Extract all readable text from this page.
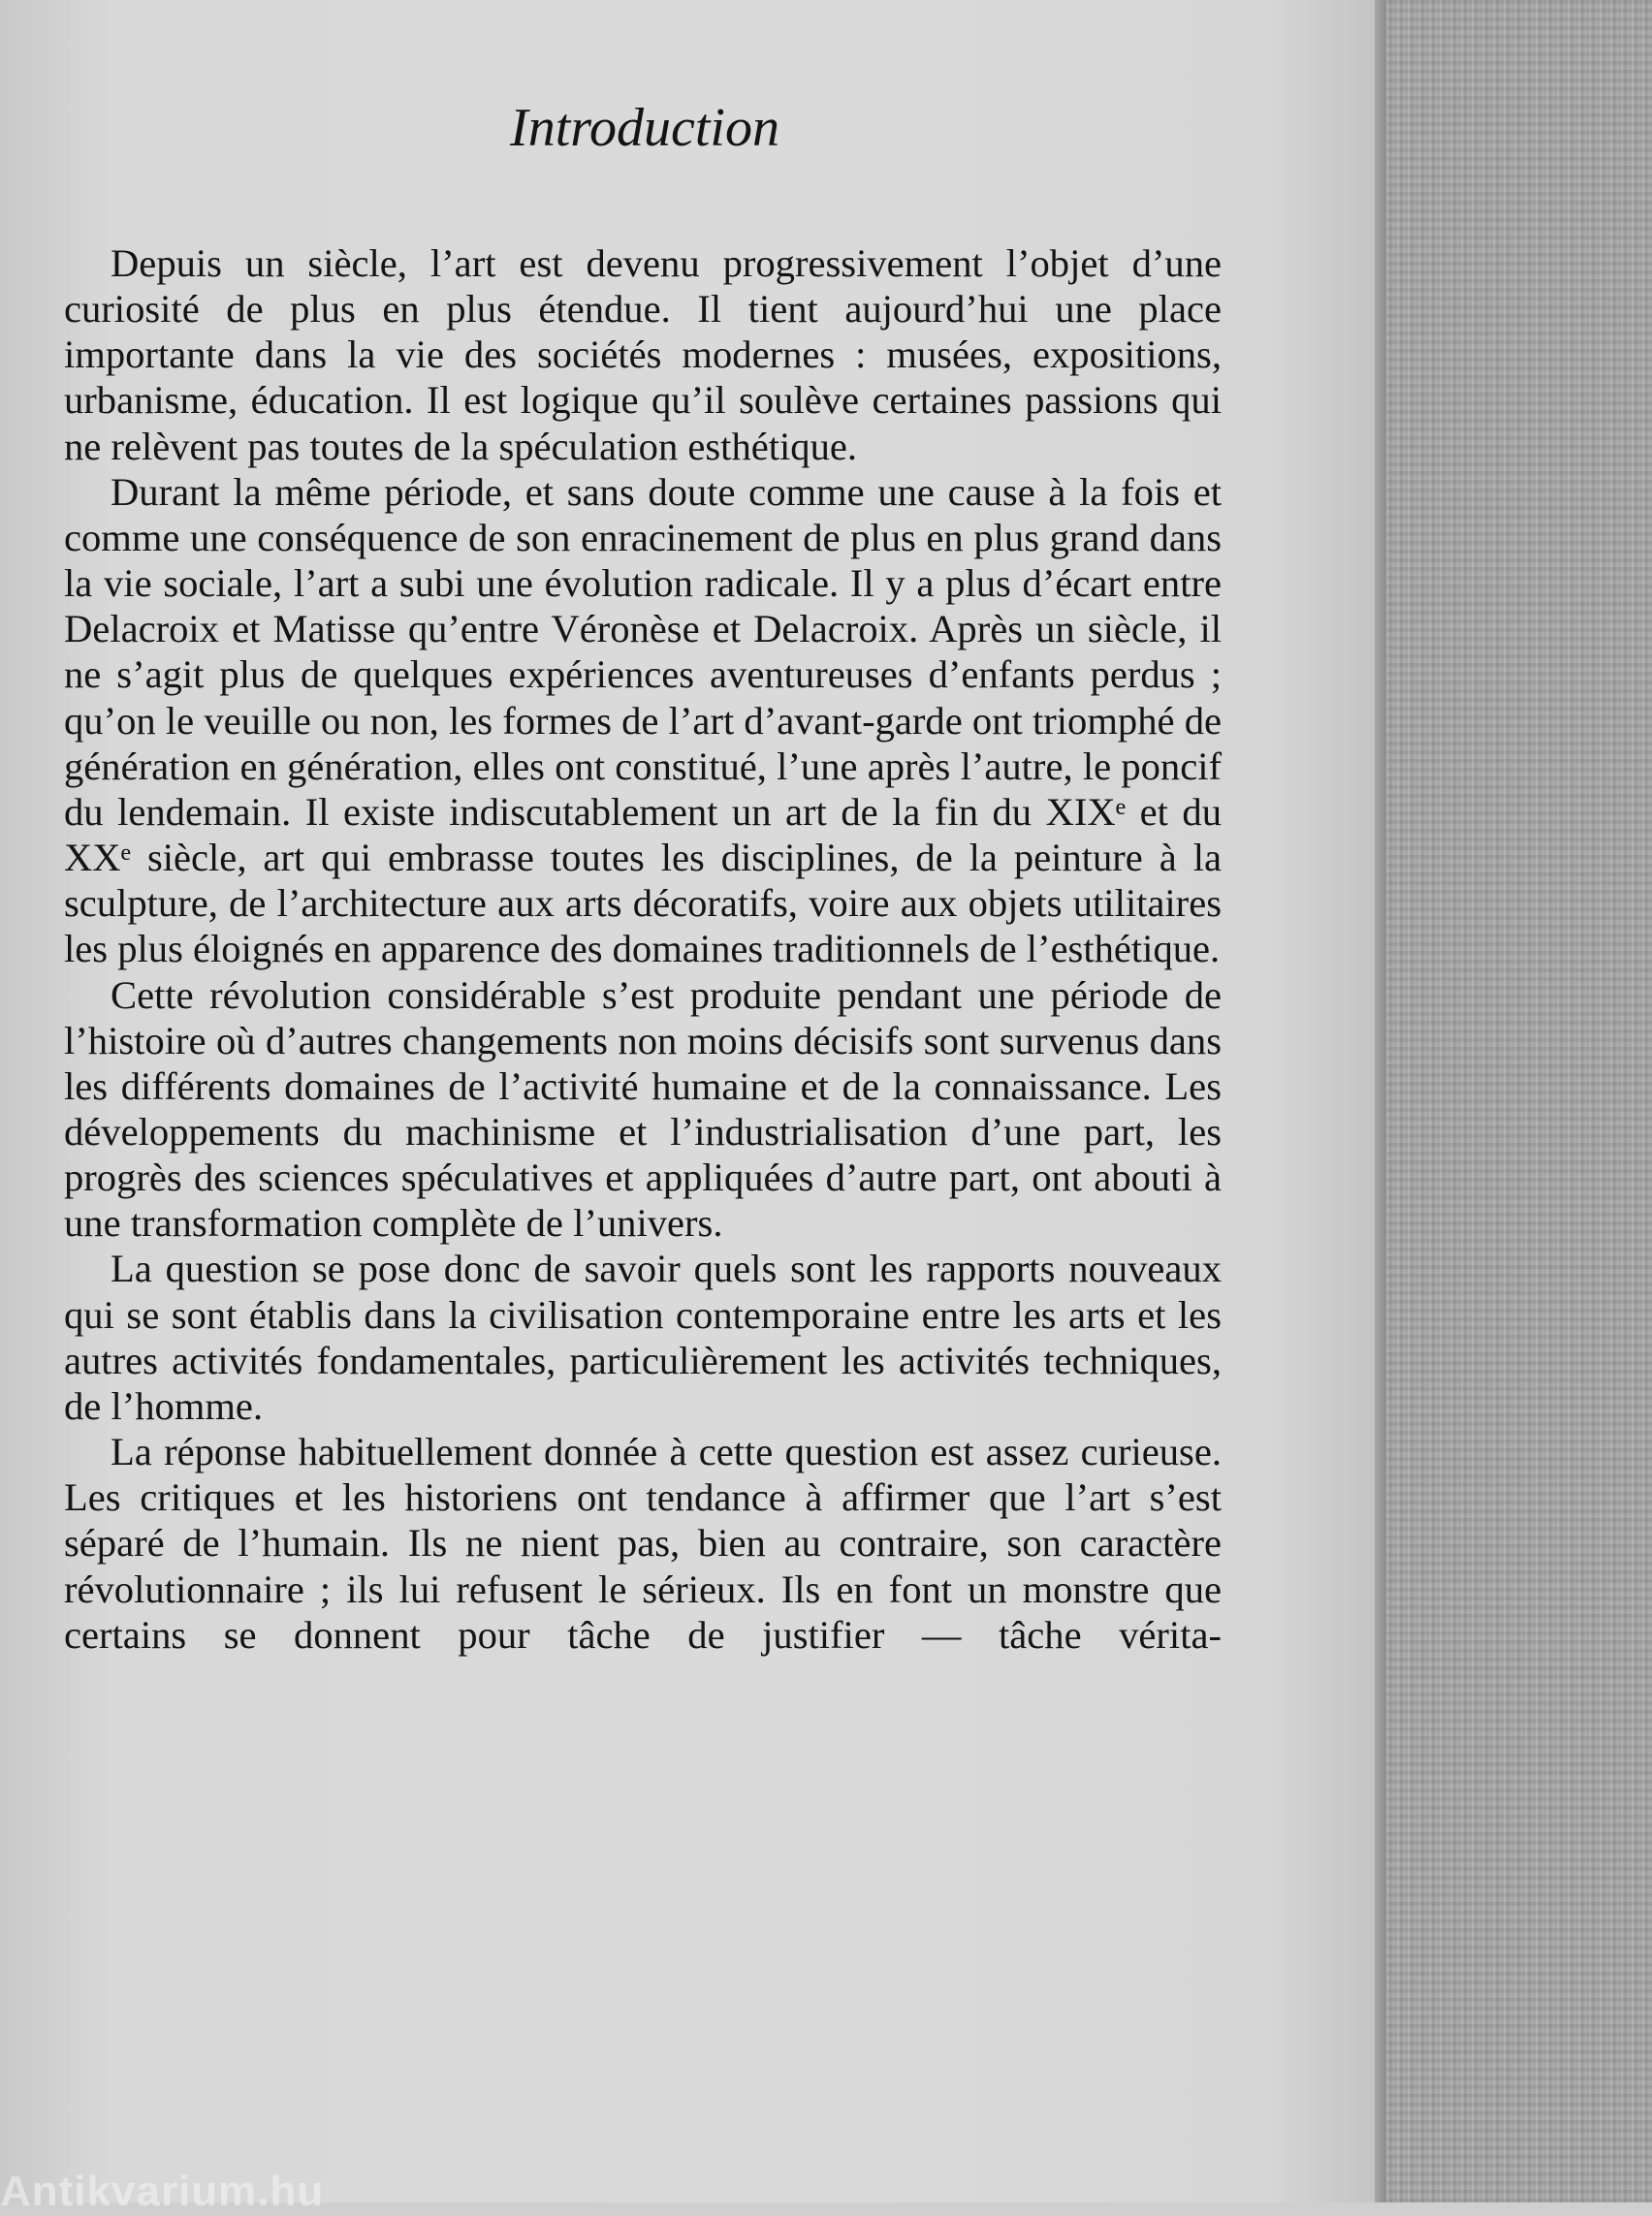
Introduction

Depuis un siècle, l’art est devenu progressivement l’objet d’une curiosité de plus en plus étendue. Il tient aujourd’hui une place importante dans la vie des sociétés modernes : musées, expositions, urbanisme, éducation. Il est logique qu’il soulève certaines passions qui ne relèvent pas toutes de la spéculation esthétique.

Durant la même période, et sans doute comme une cause à la fois et comme une conséquence de son enracinement de plus en plus grand dans la vie sociale, l’art a subi une évolution radicale. Il y a plus d’écart entre Delacroix et Matisse qu’entre Véronèse et Delacroix. Après un siècle, il ne s’agit plus de quelques expériences aventureuses d’enfants perdus ; qu’on le veuille ou non, les formes de l’art d’avant-garde ont triomphé de génération en génération, elles ont constitué, l’une après l’autre, le poncif du lendemain. Il existe indiscutablement un art de la fin du XIXᵉ et du XXᵉ siècle, art qui embrasse toutes les disciplines, de la peinture à la sculpture, de l’architecture aux arts décoratifs, voire aux objets utilitaires les plus éloignés en apparence des domaines traditionnels de l’esthétique.

Cette révolution considérable s’est produite pendant une période de l’histoire où d’autres changements non moins décisifs sont survenus dans les différents domaines de l’activité humaine et de la connaissance. Les développements du machinisme et l’industrialisation d’une part, les progrès des sciences spéculatives et appliquées d’autre part, ont abouti à une transformation complète de l’univers.

La question se pose donc de savoir quels sont les rapports nouveaux qui se sont établis dans la civilisation contemporaine entre les arts et les autres activités fondamentales, particulièrement les activités techniques, de l’homme.

La réponse habituellement donnée à cette question est assez curieuse. Les critiques et les historiens ont tendance à affirmer que l’art s’est séparé de l’humain. Ils ne nient pas, bien au contraire, son caractère révolutionnaire ; ils lui refusent le sérieux. Ils en font un monstre que certains se donnent pour tâche de justifier — tâche vérita-

Antikvarium.hu
